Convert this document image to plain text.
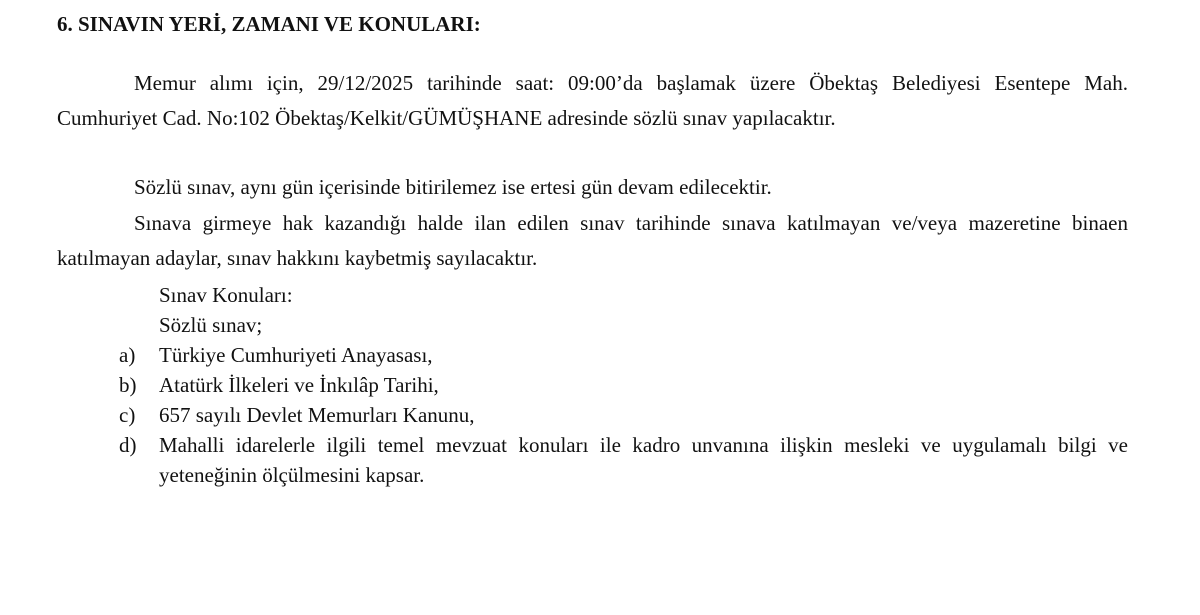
6. SINAVIN YERİ, ZAMANI VE KONULARI:

Memur alımı için, 29/12/2025 tarihinde saat: 09:00’da başlamak üzere Öbektaş Belediyesi Esentepe Mah. Cumhuriyet Cad. No:102 Öbektaş/Kelkit/GÜMÜŞHANE adresinde sözlü sınav yapılacaktır.

Sözlü sınav, aynı gün içerisinde bitirilemez ise ertesi gün devam edilecektir.

Sınava girmeye hak kazandığı halde ilan edilen sınav tarihinde sınava katılmayan ve/veya mazeretine binaen katılmayan adaylar, sınav hakkını kaybetmiş sayılacaktır.

Sınav Konuları:

Sözlü sınav;

a) Türkiye Cumhuriyeti Anayasası,
b) Atatürk İlkeleri ve İnkılâp Tarihi,
c) 657 sayılı Devlet Memurları Kanunu,
d) Mahalli idarelerle ilgili temel mevzuat konuları ile kadro unvanına ilişkin mesleki ve uygulamalı bilgi ve yeteneğinin ölçülmesini kapsar.
